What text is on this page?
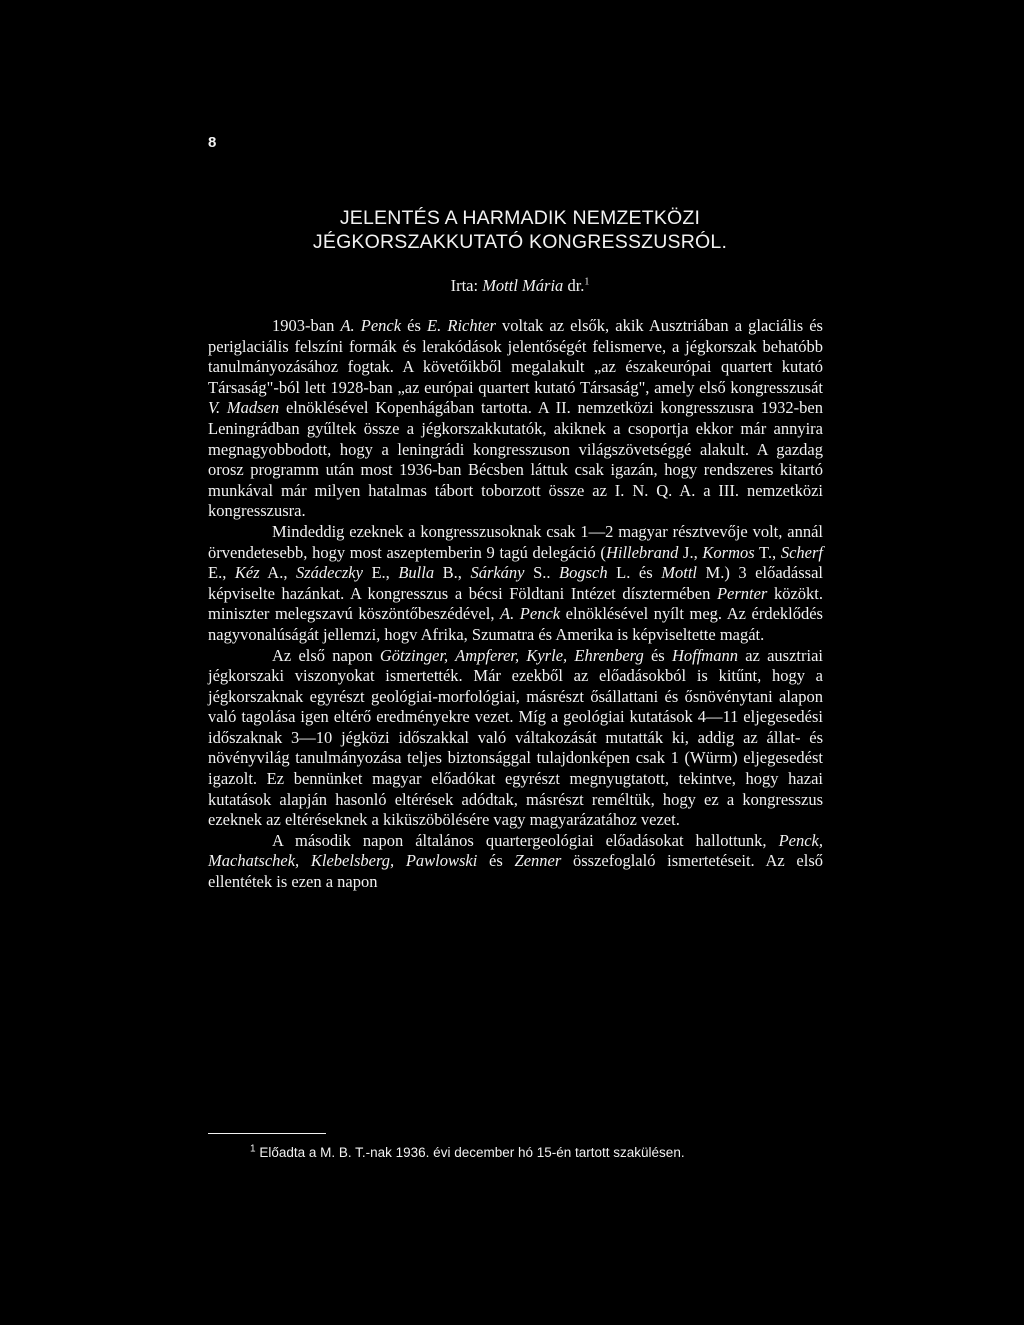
8
JELENTÉS A HARMADIK NEMZETKÖZI
JÉGKORSZAKKUTATÓ KONGRESSZUSRÓL.
Irta: Mottl Mária dr.$^1$

1903-ban A. Penck és E. Richter voltak az elsők, akik Ausztriában a glaciális és periglaciális felszíni formák és lerakódások jelentőségét felismerve, a jégkorszak behatóbb tanulmányozásához fogtak. A követőikből megalakult „az északeurópai quartert kutató Társaság"-ból lett 1928-ban „az európai quartert kutató Társaság", amely első kongresszusát V. Madsen elnöklésével Kopenhágában tartotta. A II. nemzetközi kongresszusra 1932-ben Leningrádban gyűltek össze a jégkorszakkutatók, akiknek a csoportja ekkor már annyira megnagyobbodott, hogy a leningrádi kongresszuson világszövetséggé alakult. A gazdag orosz programm után most 1936-ban Bécsben láttuk csak igazán, hogy rendszeres kitartó munkával már milyen hatalmas tábort toborzott össze az I. N. Q. A. a III. nemzetközi kongresszusra.

Mindeddig ezeknek a kongresszusoknak csak 1—2 magyar résztvevője volt, annál örvendetesebb, hogy most aszeptemberin 9 tagú delegáció (Hillebrand J., Kormos T., Scherf E., Kéz A., Szádeczky E., Bulla B., Sárkány S.. Bogsch L. és Mottl M.) 3 előadással képviselte hazánkat. A kongresszus a bécsi Földtani Intézet dísztermében Pernter közökt. miniszter melegszavú köszöntőbeszédével, A. Penck elnöklésével nyílt meg. Az érdeklődés nagyvonalúságát jellemzi, hogv Afrika, Szumatra és Amerika is képviseltette magát.

Az első napon Götzinger, Ampferer, Kyrle, Ehrenberg és Hoffmann az ausztriai jégkorszaki viszonyokat ismertették. Már ezekből az előadásokból is kitűnt, hogy a jégkorszaknak egyrészt geológiai-morfológiai, másrészt ősállattani és ősnövénytani alapon való tagolása igen eltérő eredményekre vezet. Míg a geológiai kutatások 4—11 eljegesedési időszaknak 3—10 jégközi időszakkal való váltakozását mutatták ki, addig az állat- és növényvilág tanulmányozása teljes biztonsággal tulajdonképen csak 1 (Würm) eljegesedést igazolt. Ez bennünket magyar előadókat egyrészt megnyugtatott, tekintve, hogy hazai kutatások alapján hasonló eltérések adódtak, másrészt reméltük, hogy ez a kongresszus ezeknek az eltéréseknek a kiküszöbölésére vagy magyarázatához vezet.

A második napon általános quartergeológiai előadásokat hallottunk, Penck, Machatschek, Klebelsberg, Pawlowski és Zenner összefoglaló ismertetéseit. Az első ellentétek is ezen a napon

$^1$ Előadta a M. B. T.-nak 1936. évi december hó 15-én tartott szakülésen.
